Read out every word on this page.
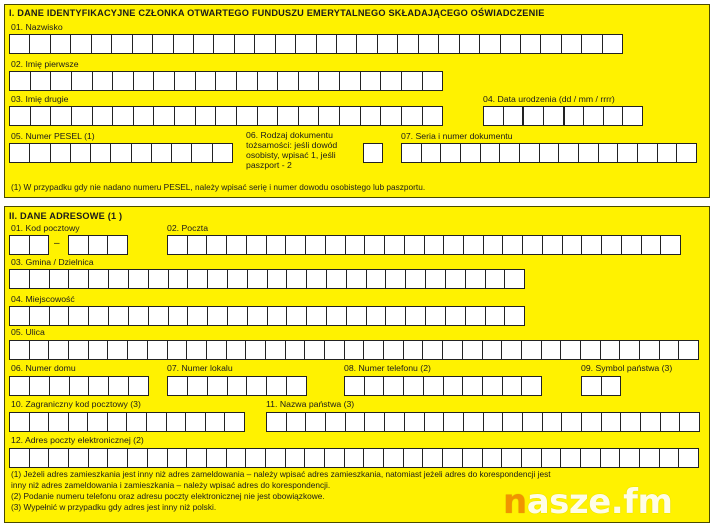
I. DANE IDENTYFIKACYJNE CZŁONKA OTWARTEGO FUNDUSZU EMERYTALNEGO SKŁADAJĄCEGO OŚWIADCZENIE
01. Nazwisko
02. Imię pierwsze
03. Imię drugie	04. Data urodzenia (dd / mm / rrrr)
05. Numer PESEL (1)	06. Rodzaj dokumentu
tożsamości: jeśli dowód
osobisty, wpisać 1, jeśli
paszport - 2
07. Seria i numer dokumentu
(1) W przypadku gdy nie nadano numeru PESEL, należy wpisać serię i numer dowodu osobistego lub paszportu.
II. DANE ADRESOWE (1 )
01. Kod pocztowy
–
02. Poczta
03. Gmina / Dzielnica
04. Miejscowość
05. Ulica
06. Numer domu	07. Numer lokalu	08. Numer telefonu (2)	09. Symbol państwa (3)
10. Zagraniczny kod pocztowy (3)	11. Nazwa państwa (3)
12. Adres poczty elektronicznej (2)
(1) Jeżeli adres zamieszkania jest inny niż adres zameldowania – należy wpisać adres zamieszkania, natomiast jeżeli adres do korespondencji jest
inny niż adres zameldowania i zamieszkania – należy wpisać adres do korespondencji.
(2) Podanie numeru telefonu oraz adresu poczty elektronicznej nie jest obowiązkowe.
(3) Wypełnić w przypadku gdy adres jest inny niż polski.	nasze.fm
